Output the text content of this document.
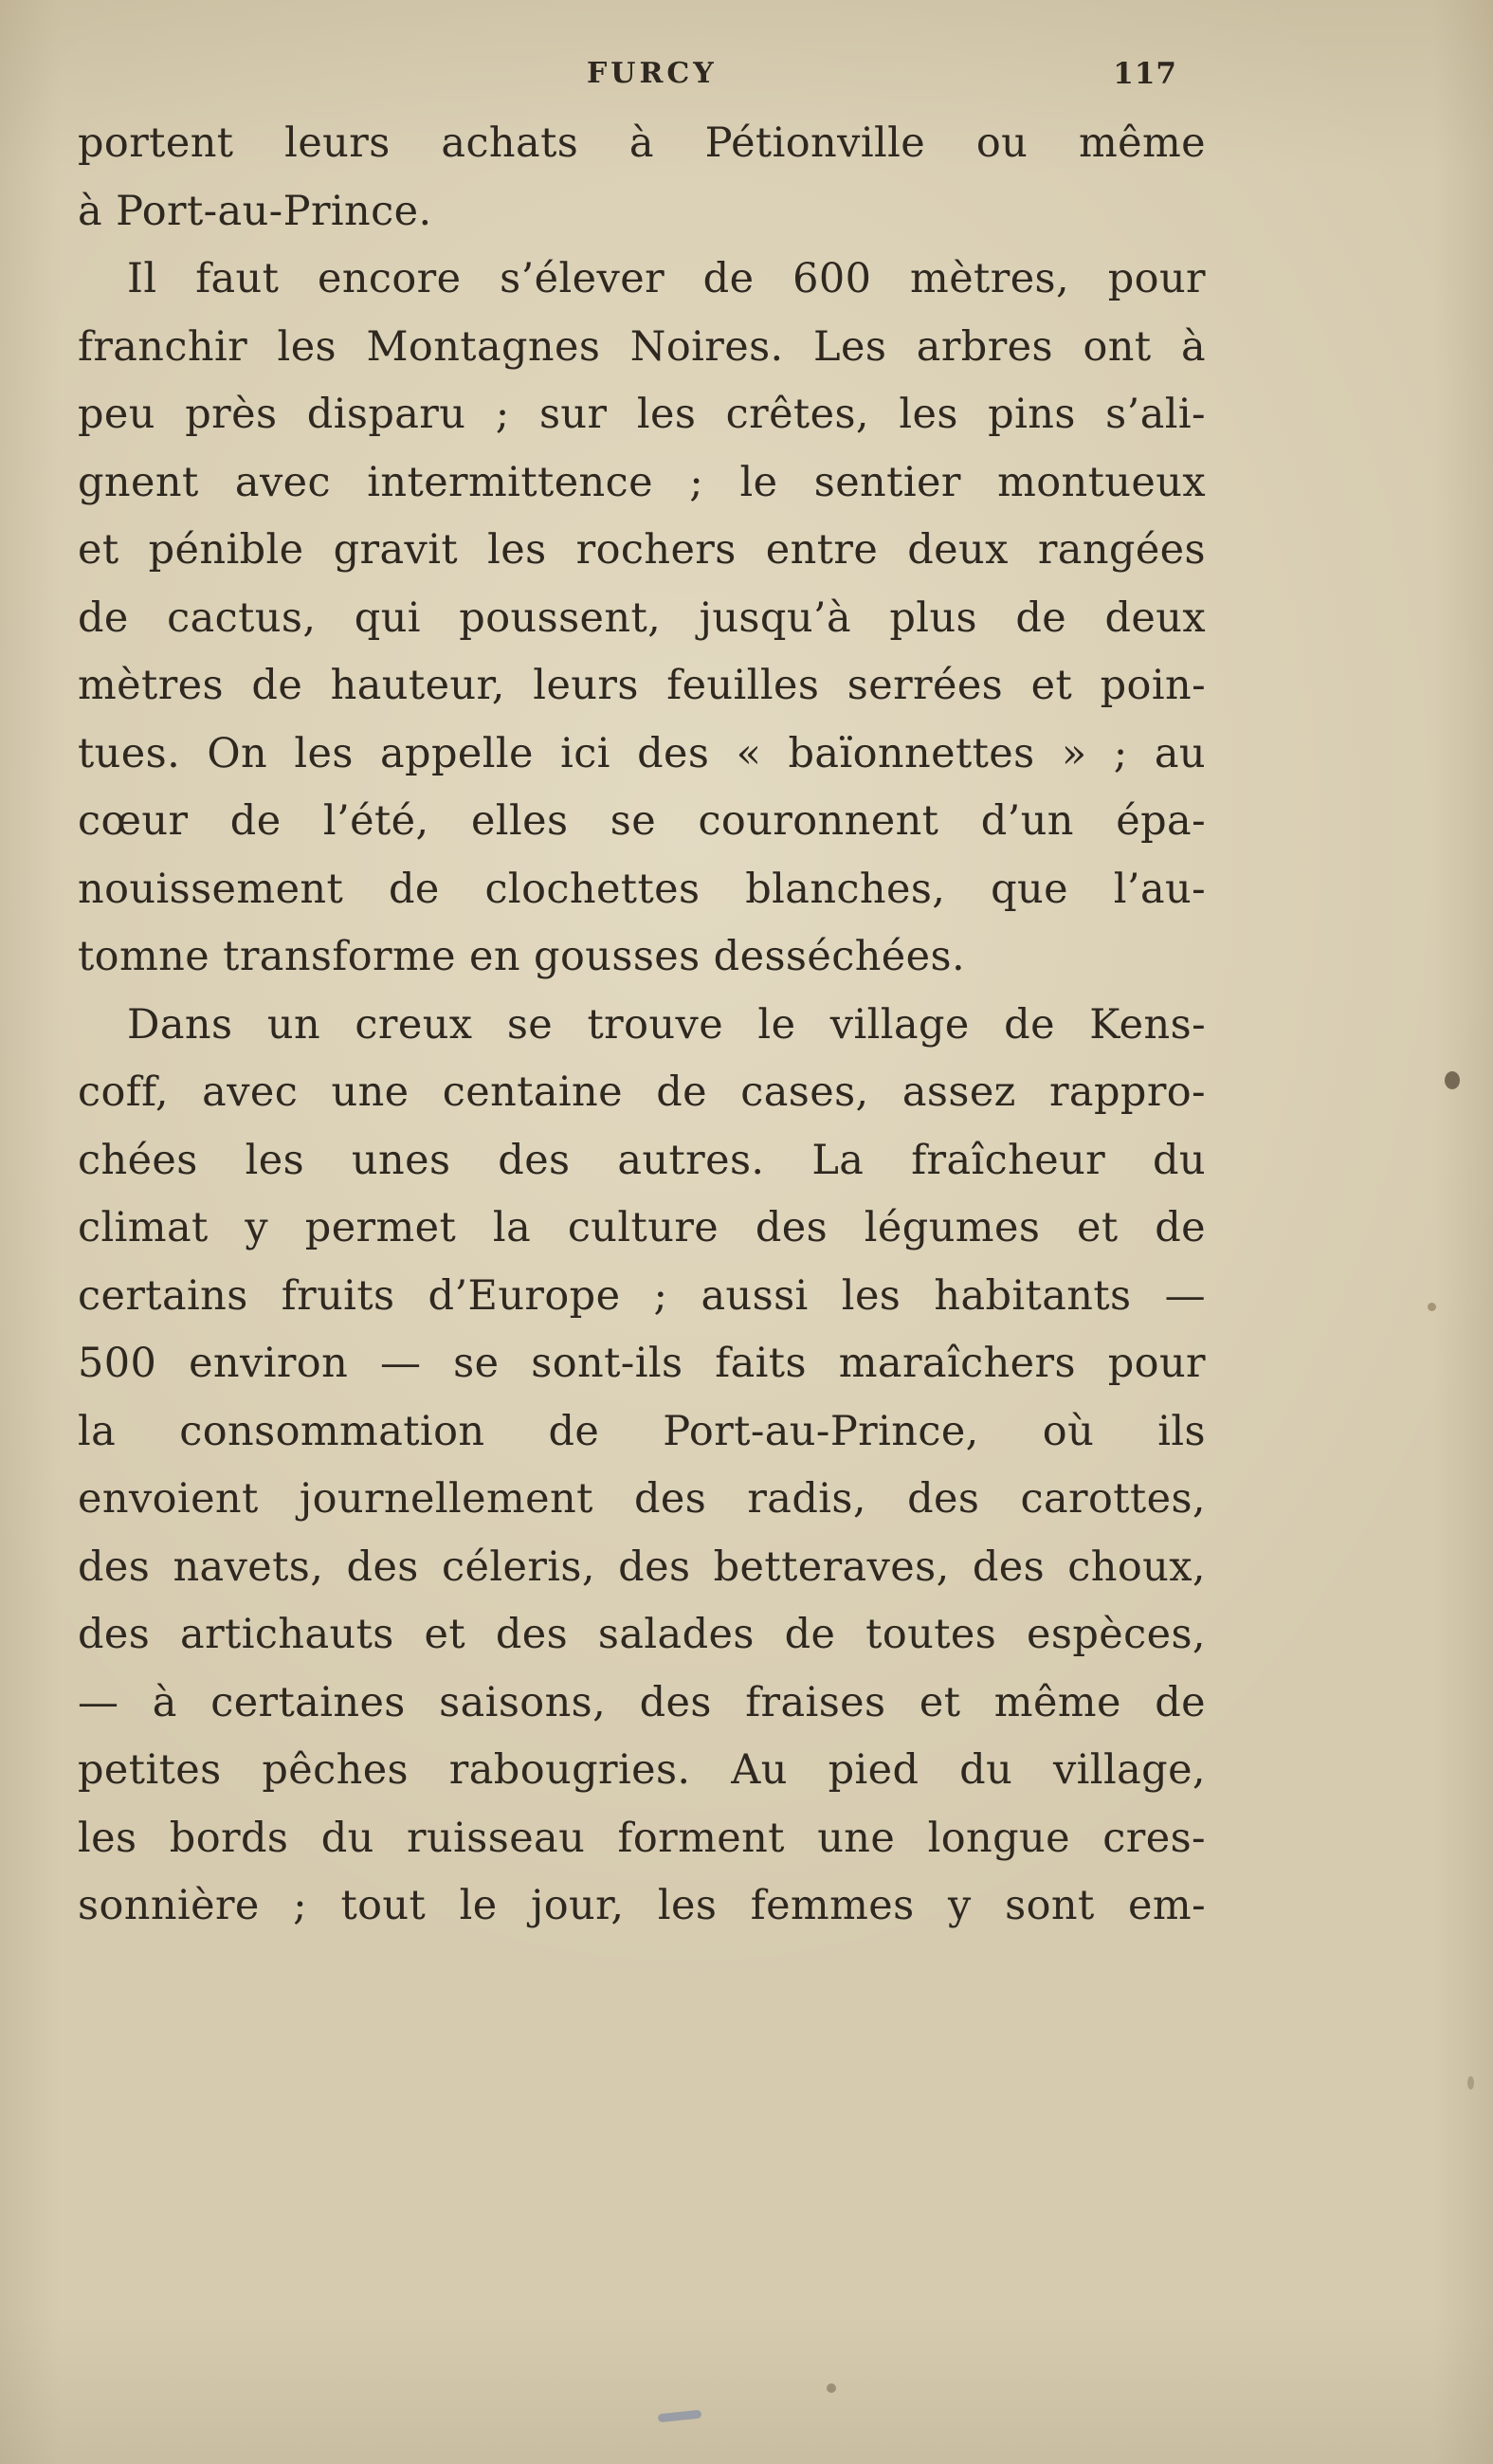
FURCY	117
portent leurs achats à Pétionville ou même
à Port-au-Prince.
Il faut encore s’élever de 600 mètres, pour
franchir les Montagnes Noires. Les arbres ont à
peu près disparu ; sur les crêtes, les pins s’ali-
gnent avec intermittence ; le sentier montueux
et pénible gravit les rochers entre deux rangées
de cactus, qui poussent, jusqu’à plus de deux
mètres de hauteur, leurs feuilles serrées et poin-
tues. On les appelle ici des « baïonnettes » ; au
cœur de l’été, elles se couronnent d’un épa-
nouissement de clochettes blanches, que l’au-
tomne transforme en gousses desséchées.
Dans un creux se trouve le village de Kens-
coff, avec une centaine de cases, assez rappro-
chées les unes des autres. La fraîcheur du
climat y permet la culture des légumes et de
certains fruits d’Europe ; aussi les habitants —
500 environ — se sont-ils faits maraîchers pour
la consommation de Port-au-Prince, où ils
envoient journellement des radis, des carottes,
des navets, des céleris, des betteraves, des choux,
des artichauts et des salades de toutes espèces,
— à certaines saisons, des fraises et même de
petites pêches rabougries. Au pied du village,
les bords du ruisseau forment une longue cres-
sonnière ; tout le jour, les femmes y sont em-
